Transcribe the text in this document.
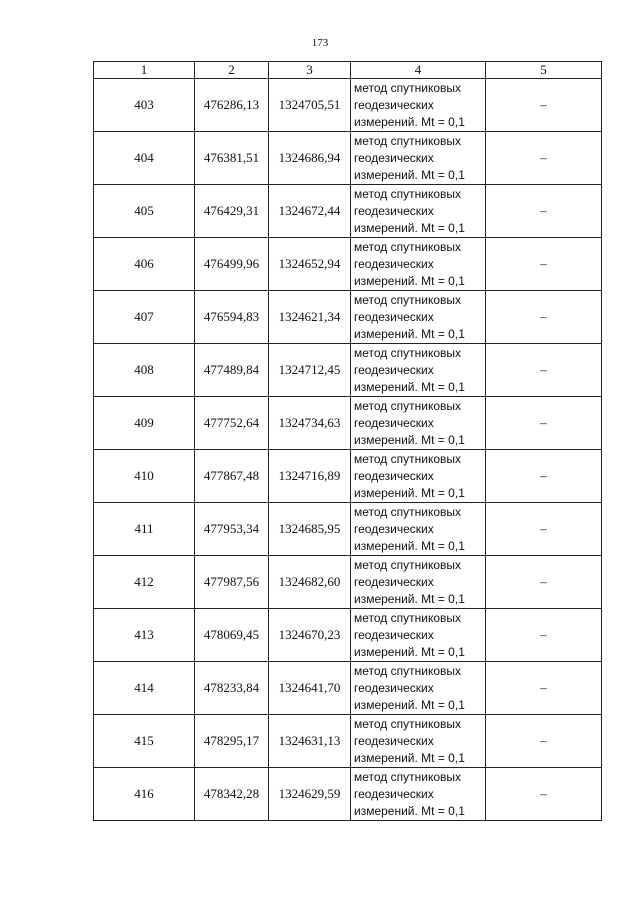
173
1	2	3	4	5
403	476286,13	1324705,51	метод спутниковых
геодезических
измерений. Mt = 0,1	–
404	476381,51	1324686,94	метод спутниковых
геодезических
измерений. Mt = 0,1	–
405	476429,31	1324672,44	метод спутниковых
геодезических
измерений. Mt = 0,1	–
406	476499,96	1324652,94	метод спутниковых
геодезических
измерений. Mt = 0,1	–
407	476594,83	1324621,34	метод спутниковых
геодезических
измерений. Mt = 0,1	–
408	477489,84	1324712,45	метод спутниковых
геодезических
измерений. Mt = 0,1	–
409	477752,64	1324734,63	метод спутниковых
геодезических
измерений. Mt = 0,1	–
410	477867,48	1324716,89	метод спутниковых
геодезических
измерений. Mt = 0,1	–
411	477953,34	1324685,95	метод спутниковых
геодезических
измерений. Mt = 0,1	–
412	477987,56	1324682,60	метод спутниковых
геодезических
измерений. Mt = 0,1	–
413	478069,45	1324670,23	метод спутниковых
геодезических
измерений. Mt = 0,1	–
414	478233,84	1324641,70	метод спутниковых
геодезических
измерений. Mt = 0,1	–
415	478295,17	1324631,13	метод спутниковых
геодезических
измерений. Mt = 0,1	–
416	478342,28	1324629,59	метод спутниковых
геодезических
измерений. Mt = 0,1	–
